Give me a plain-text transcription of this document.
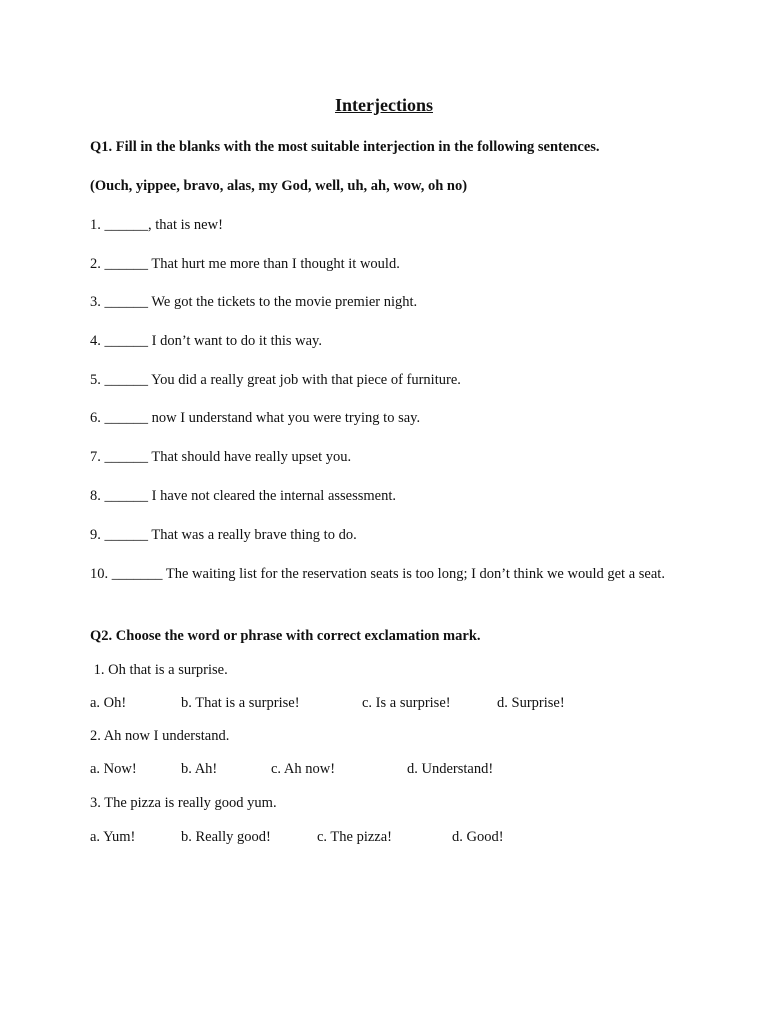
Interjections
Q1. Fill in the blanks with the most suitable interjection in the following sentences.
(Ouch, yippee, bravo, alas, my God, well, uh, ah, wow, oh no)
1. ______, that is new!
2. ______ That hurt me more than I thought it would.
3. ______ We got the tickets to the movie premier night.
4. ______ I don’t want to do it this way.
5. ______ You did a really great job with that piece of furniture.
6. ______ now I understand what you were trying to say.
7. ______ That should have really upset you.
8. ______ I have not cleared the internal assessment.
9. ______ That was a really brave thing to do.
10. _______ The waiting list for the reservation seats is too long; I don’t think we would get a seat.
Q2. Choose the word or phrase with correct exclamation mark.
1. Oh that is a surprise.
a. Oh!	b. That is a surprise!	c. Is a surprise!	d. Surprise!
2. Ah now I understand.
a. Now!	b. Ah!	c. Ah now!	d. Understand!
3. The pizza is really good yum.
a. Yum!	b. Really good!	c. The pizza!	d. Good!
